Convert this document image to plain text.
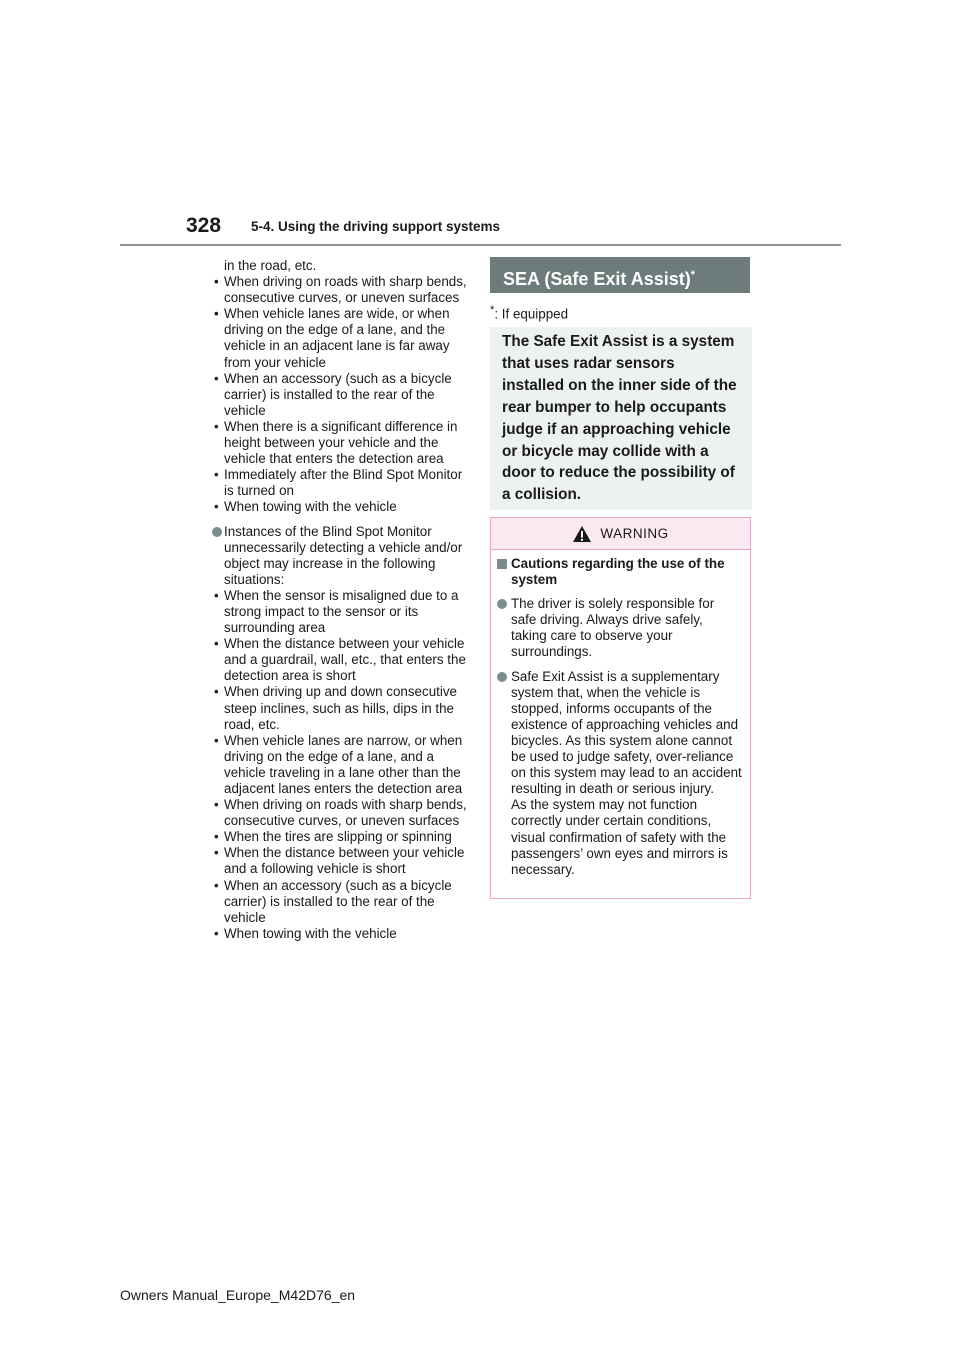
328 5-4. Using the driving support systems
in the road, etc.
• When driving on roads with sharp bends, consecutive curves, or uneven surfaces
• When vehicle lanes are wide, or when driving on the edge of a lane, and the vehicle in an adjacent lane is far away from your vehicle
• When an accessory (such as a bicycle carrier) is installed to the rear of the vehicle
• When there is a significant difference in height between your vehicle and the vehicle that enters the detection area
• Immediately after the Blind Spot Monitor is turned on
• When towing with the vehicle
Instances of the Blind Spot Monitor unnecessarily detecting a vehicle and/or object may increase in the following situations:
• When the sensor is misaligned due to a strong impact to the sensor or its surrounding area
• When the distance between your vehicle and a guardrail, wall, etc., that enters the detection area is short
• When driving up and down consecutive steep inclines, such as hills, dips in the road, etc.
• When vehicle lanes are narrow, or when driving on the edge of a lane, and a vehicle traveling in a lane other than the adjacent lanes enters the detection area
• When driving on roads with sharp bends, consecutive curves, or uneven surfaces
• When the tires are slipping or spinning
• When the distance between your vehicle and a following vehicle is short
• When an accessory (such as a bicycle carrier) is installed to the rear of the vehicle
• When towing with the vehicle
SEA (Safe Exit Assist)*
*: If equipped
The Safe Exit Assist is a system that uses radar sensors installed on the inner side of the rear bumper to help occupants judge if an approaching vehicle or bicycle may collide with a door to reduce the possibility of a collision.
WARNING
Cautions regarding the use of the system
The driver is solely responsible for safe driving. Always drive safely, taking care to observe your surroundings.
Safe Exit Assist is a supplementary system that, when the vehicle is stopped, informs occupants of the existence of approaching vehicles and bicycles. As this system alone cannot be used to judge safety, over-reliance on this system may lead to an accident resulting in death or serious injury.
As the system may not function correctly under certain conditions, visual confirmation of safety with the passengers’ own eyes and mirrors is necessary.
Owners Manual_Europe_M42D76_en
